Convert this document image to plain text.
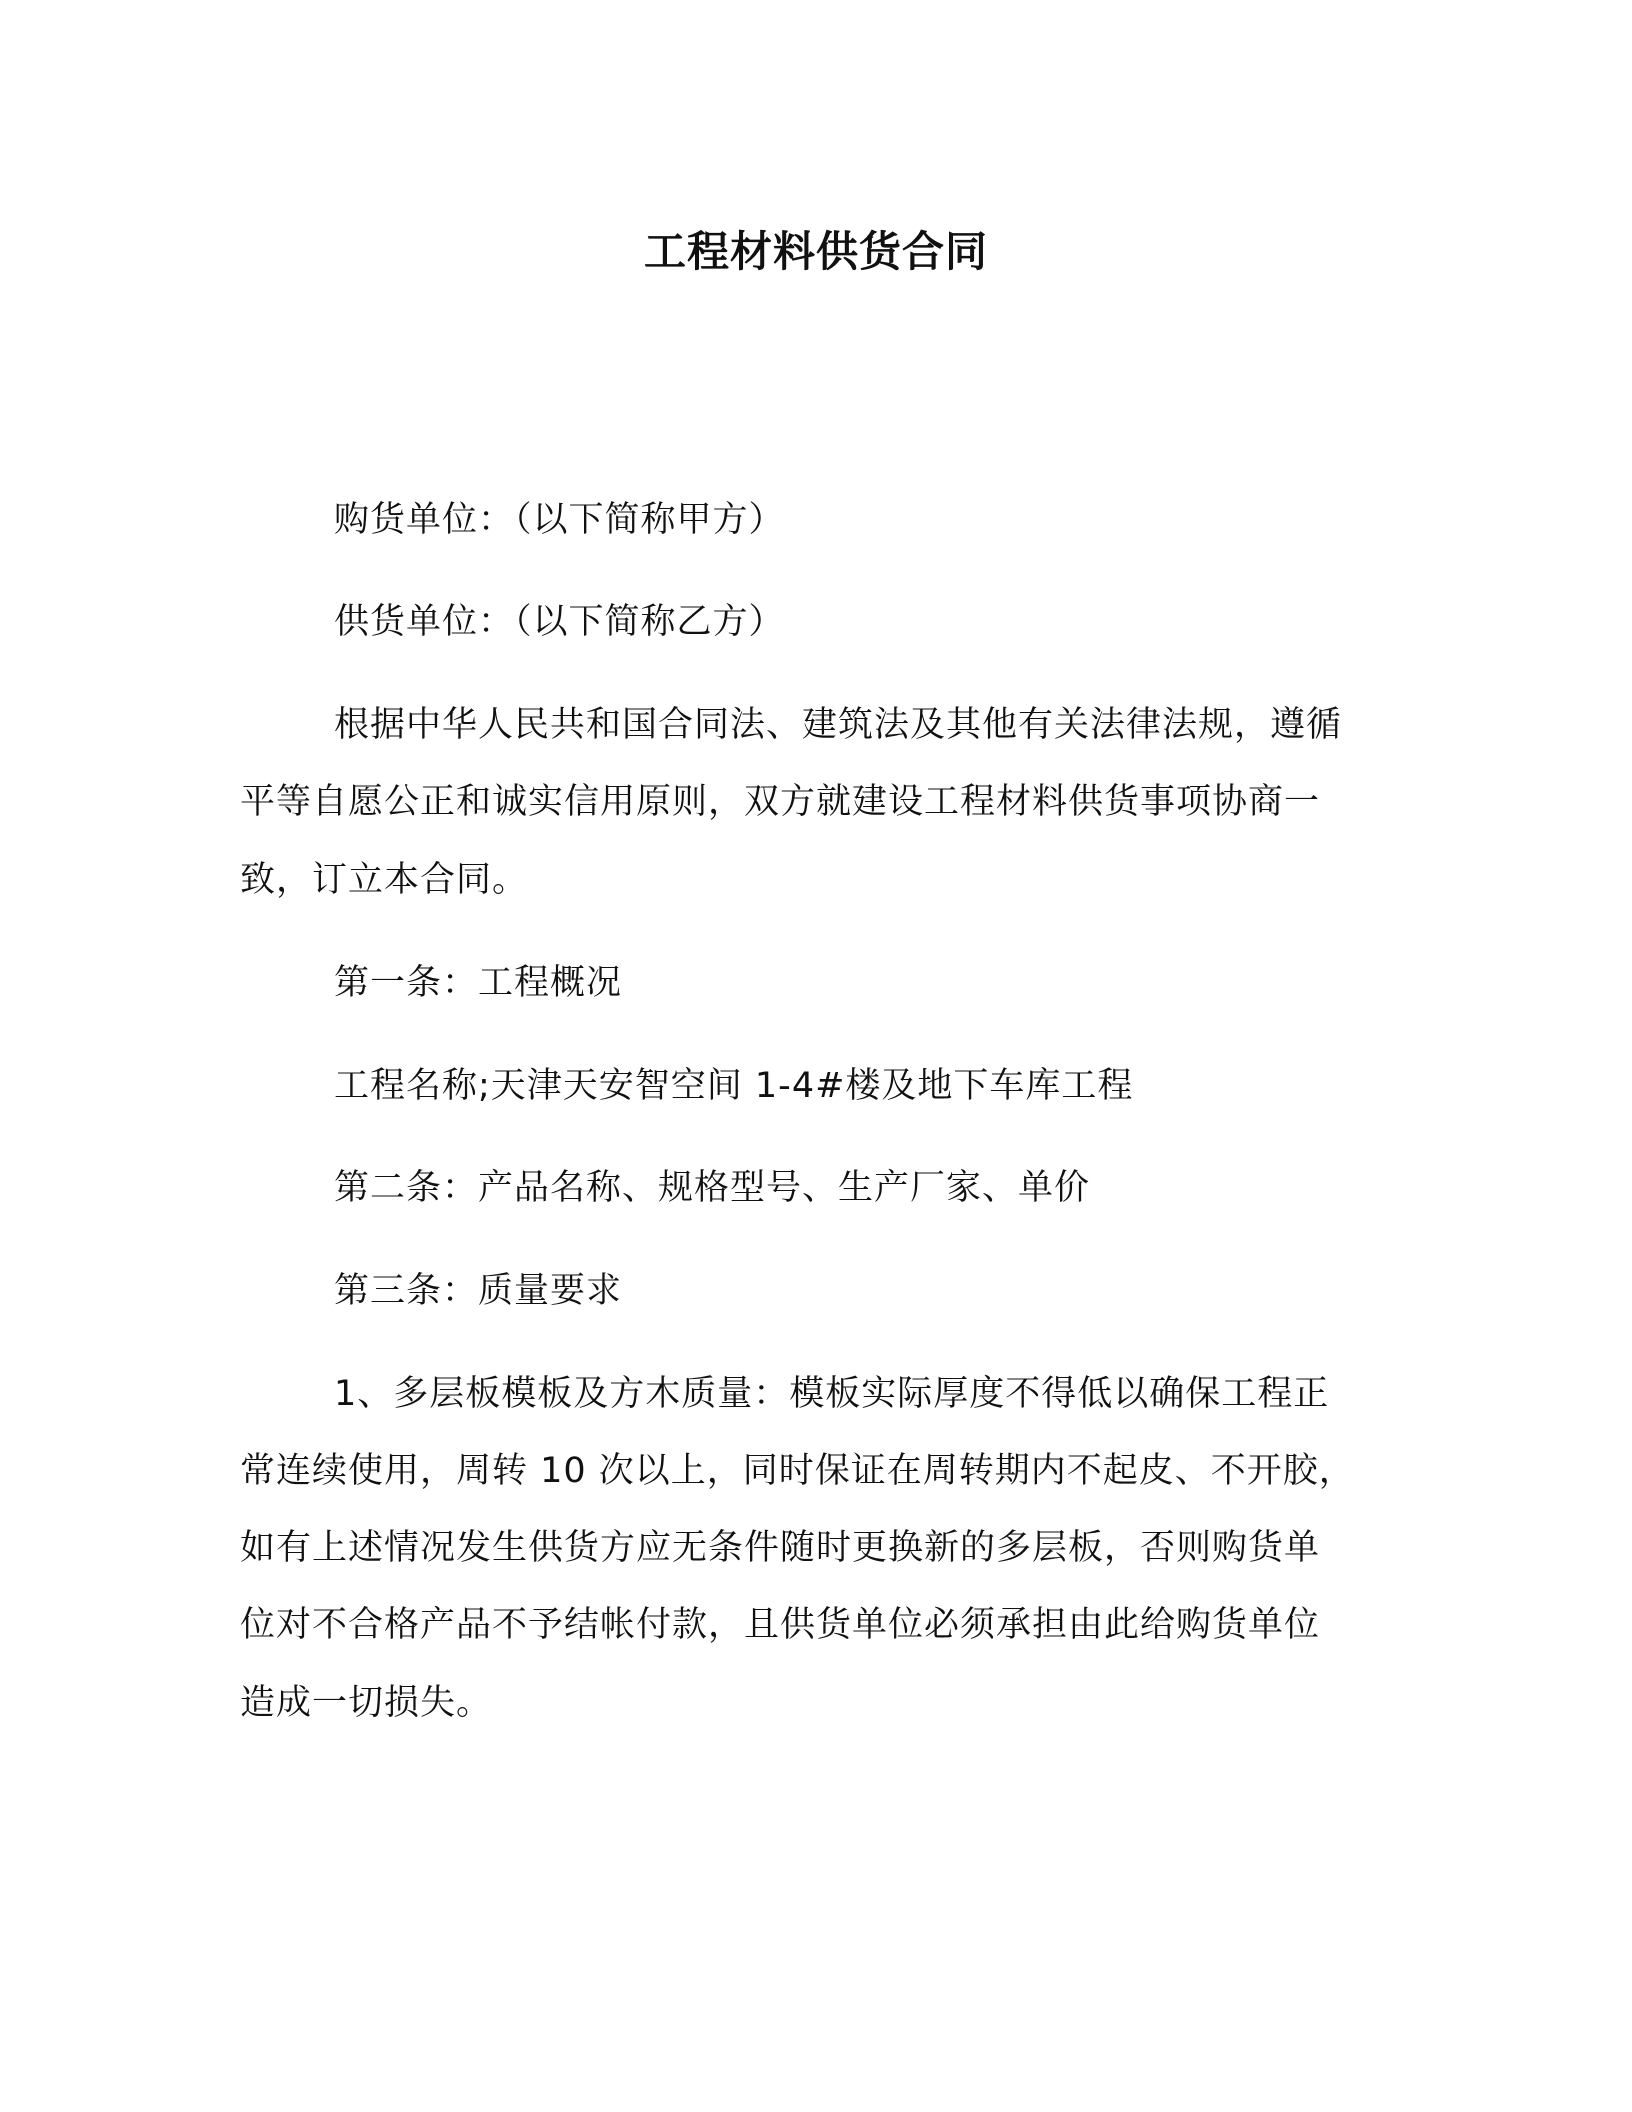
工程材料供货合同
购货单位：（以下简称甲方）
供货单位：（以下简称乙方）
根据中华人民共和国合同法、建筑法及其他有关法律法规，遵循
平等自愿公正和诚实信用原则，双方就建设工程材料供货事项协商一
致，订立本合同。
第一条：工程概况
工程名称;天津天安智空间 1-4#楼及地下车库工程
第二条：产品名称、规格型号、生产厂家、单价
第三条：质量要求
1、多层板模板及方木质量：模板实际厚度不得低以确保工程正
常连续使用，周转 10 次以上，同时保证在周转期内不起皮、不开胶，
如有上述情况发生供货方应无条件随时更换新的多层板，否则购货单
位对不合格产品不予结帐付款，且供货单位必须承担由此给购货单位
造成一切损失。
